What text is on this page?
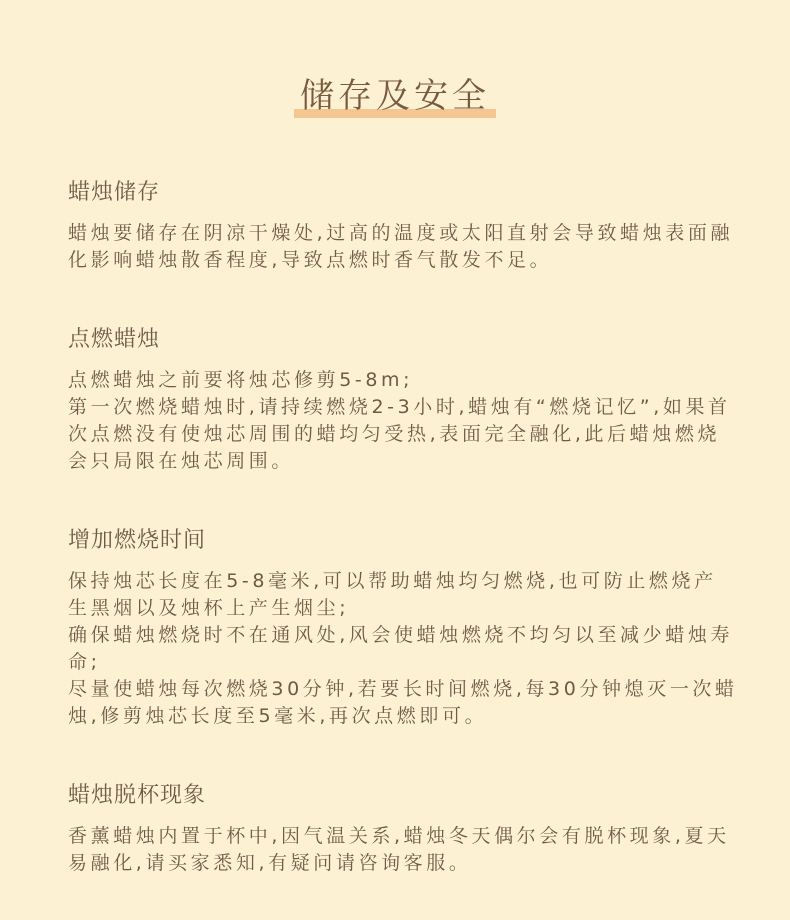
储存及安全
蜡烛储存

蜡烛要储存在阴凉干燥处,过高的温度或太阳直射会导致蜡烛表面融化影响蜡烛散香程度,导致点燃时香气散发不足。

点燃蜡烛

点燃蜡烛之前要将烛芯修剪5-8m;

第一次燃烧蜡烛时,请持续燃烧2-3小时,蜡烛有“燃烧记忆”,如果首次点燃没有使烛芯周围的蜡均匀受热,表面完全融化,此后蜡烛燃烧会只局限在烛芯周围。

增加燃烧时间

保持烛芯长度在5-8毫米,可以帮助蜡烛均匀燃烧,也可防止燃烧产生黑烟以及烛杯上产生烟尘;

确保蜡烛燃烧时不在通风处,风会使蜡烛燃烧不均匀以至减少蜡烛寿命;

尽量使蜡烛每次燃烧30分钟,若要长时间燃烧,每30分钟熄灭一次蜡烛,修剪烛芯长度至5毫米,再次点燃即可。

蜡烛脱杯现象

香薰蜡烛内置于杯中,因气温关系,蜡烛冬天偶尔会有脱杯现象,夏天易融化,请买家悉知,有疑问请咨询客服。
